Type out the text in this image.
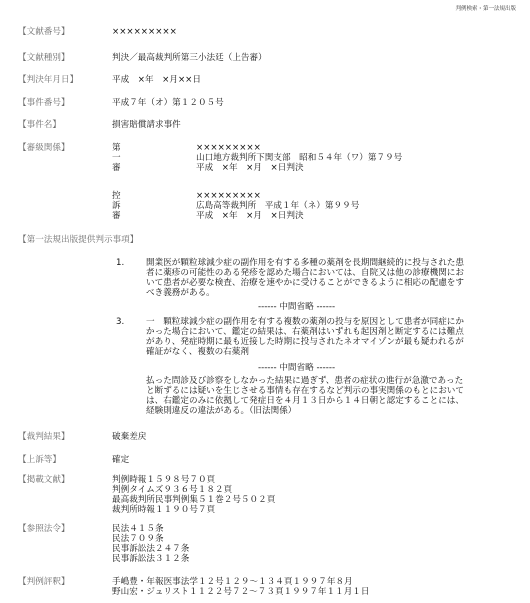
判例検索・第一法規出版
【文献番号】	×××××××××
【文献種別】	判決／最高裁判所第三小法廷（上告審）
【判決年月日】	平成　×年　×月××日
【事件番号】	平成７年（オ）第１２０５号
【事件名】	損害賠償請求事件
【審級関係】	第一審
×××××××××
山口地方裁判所下関支部　昭和５４年（ワ）第７９号
平成　×年　×月　×日判決
控訴審
×××××××××
広島高等裁判所　平成１年（ネ）第９９号
平成　×年　×月　×日判決
【第一法規出版提供判示事項】
1.	開業医が顆粒球減少症の副作用を有する多種の薬剤を長期間継続的に投与された患
者に薬疹の可能性のある発疹を認めた場合においては、自院又は他の診療機関にお
いて患者が必要な検査、治療を速やかに受けることができるように相応の配慮をす
べき義務がある。
------ 中間省略 ------
3.	一　顆粒球減少症の副作用を有する複数の薬剤の投与を原因として患者が同症にか
かった場合において、鑑定の結果は、右薬剤はいずれも起因剤と断定するには難点
があり、発症時期に最も近接した時期に投与されたネオマイゾンが最も疑われるが
確証がなく、複数の右薬剤
------ 中間省略 ------
払った問診及び診察をしなかった結果に過ぎず、患者の症状の進行が急激であった
と断ずるには疑いを生じさせる事情も存在するなど判示の事実関係のもとにおいて
は、右鑑定のみに依拠して発症日を４月１３日から１４日朝と認定することには、
経験則違反の違法がある。（旧法関係）
【裁判結果】	破棄差戻
【上訴等】	確定
【掲載文献】	判例時報１５９８号７０頁
判例タイムズ９３６号１８２頁
最高裁判所民事判例集５１巻２号５０２頁
裁判所時報１１９０号７頁
【参照法令】	民法４１５条
民法７０９条
民事訴訟法２４７条
民事訴訟法３１２条
【判例評釈】	手嶋豊・年報医事法学１２号１２９～１３４頁１９９７年８月
野山宏・ジュリスト１１２２号７２～７３頁１９９７年１１月１日
